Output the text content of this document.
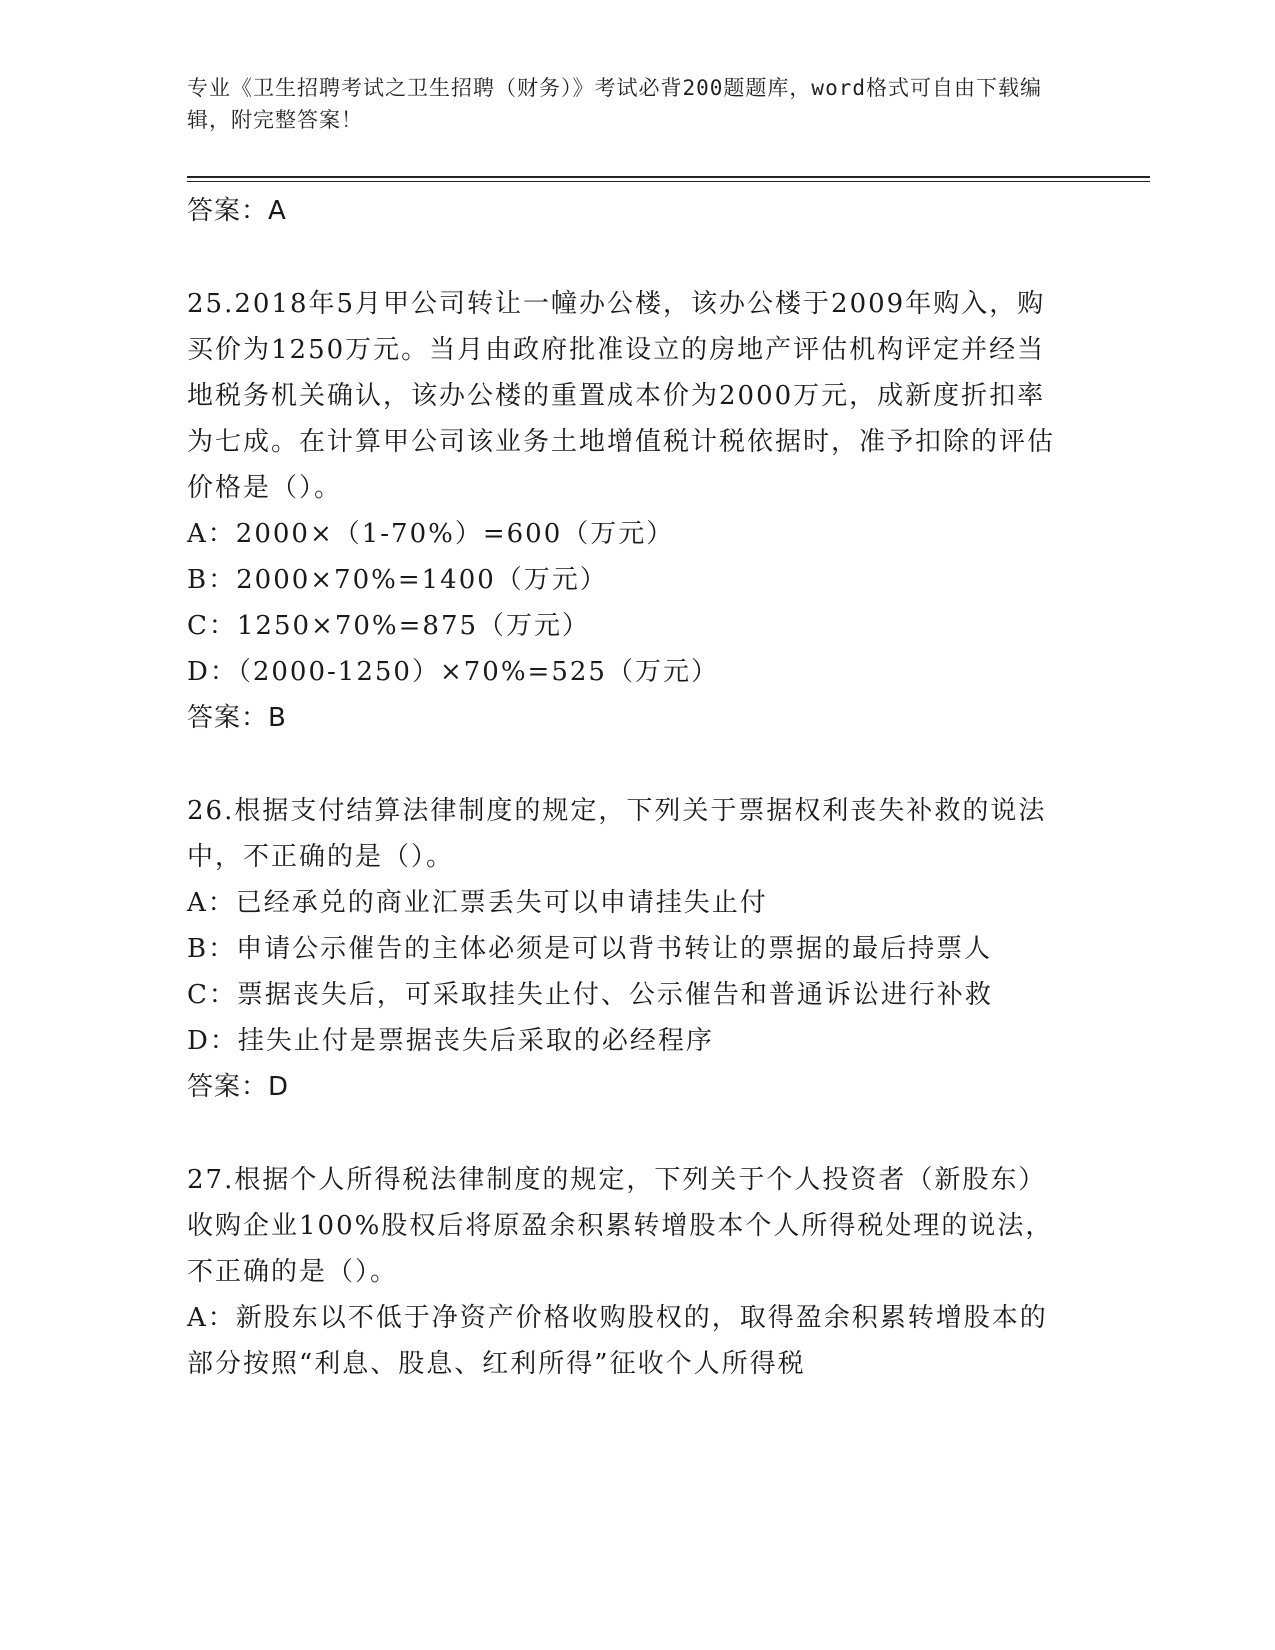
专业《卫生招聘考试之卫生招聘（财务）》考试必背200题题库，word格式可自由下载编辑，附完整答案！

答案：A

25.2018年5月甲公司转让一幢办公楼，该办公楼于2009年购入，购买价为1250万元。当月由政府批准设立的房地产评估机构评定并经当地税务机关确认，该办公楼的重置成本价为2000万元，成新度折扣率为七成。在计算甲公司该业务土地增值税计税依据时，准予扣除的评估价格是（）。

A：2000×（1-70%）=600（万元）

B：2000×70%=1400（万元）

C：1250×70%=875（万元）

D：（2000-1250）×70%=525（万元）

答案：B

26.根据支付结算法律制度的规定，下列关于票据权利丧失补救的说法中，不正确的是（）。

A：已经承兑的商业汇票丢失可以申请挂失止付

B：申请公示催告的主体必须是可以背书转让的票据的最后持票人

C：票据丧失后，可采取挂失止付、公示催告和普通诉讼进行补救

D：挂失止付是票据丧失后采取的必经程序

答案：D

27.根据个人所得税法律制度的规定，下列关于个人投资者（新股东）收购企业100%股权后将原盈余积累转增股本个人所得税处理的说法，不正确的是（）。

A：新股东以不低于净资产价格收购股权的，取得盈余积累转增股本的部分按照“利息、股息、红利所得”征收个人所得税
